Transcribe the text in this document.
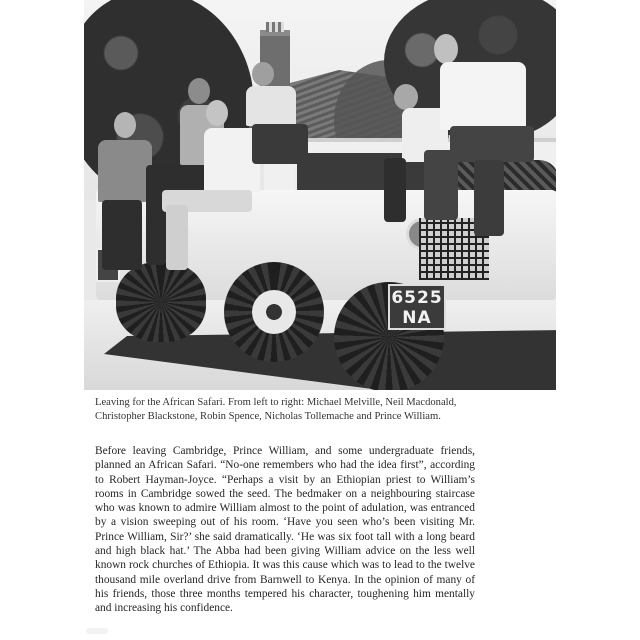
6525
NA

Leaving for the African Safari. From left to right: Michael Melville, Neil Macdonald, Christopher Blackstone, Robin Spence, Nicholas Tollemache and Prince William.

Before leaving Cambridge, Prince William, and some undergraduate friends, planned an African Safari. “No-one remembers who had the idea first”, according to Robert Hayman-Joyce. “Perhaps a visit by an Ethiopian priest to William’s rooms in Cambridge sowed the seed. The bedmaker on a neighbouring staircase who was known to admire William almost to the point of adulation, was entranced by a vision sweeping out of his room. ‘Have you seen who’s been visiting Mr. Prince William, Sir?’ she said dramatically. ‘He was six foot tall with a long beard and high black hat.’ The Abba had been giving William advice on the less well known rock churches of Ethiopia. It was this cause which was to lead to the twelve thousand mile overland drive from Barnwell to Kenya. In the opinion of many of his friends, those three months tempered his character, toughening him mentally and increasing his confidence.
